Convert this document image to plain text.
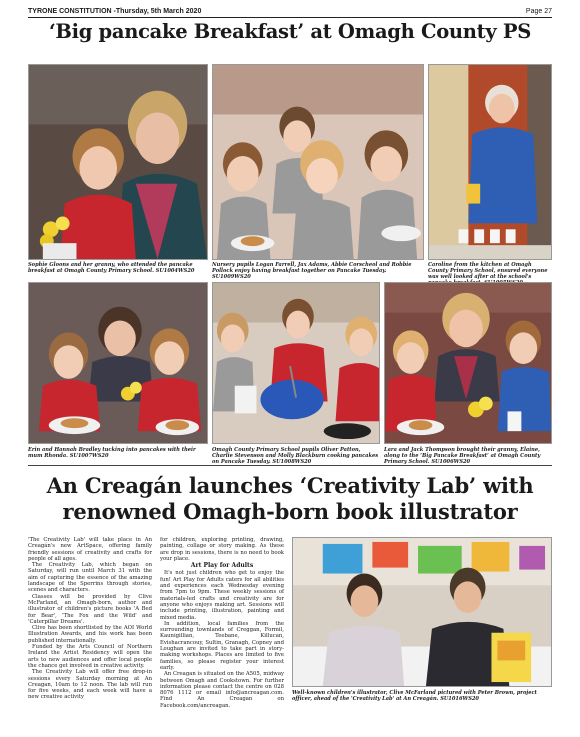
TYRONE CONSTITUTION -Thursday, 5th March 2020	Page 27
‘Big pancake Breakfast’ at Omagh County PS
Sophie Gloons and her granny, who attended the pancake breakfast at Omagh County Primary School. SU1004WS20
Nursery pupils Logan Farrell, Jax Adams, Abbie Corscheol and Robbie Pollock enjoy having breakfast together on Pancake Tuesday. SU1009WS20
Caroline from the kitchen at Omagh County Primary School, ensured everyone was well looked after at the school's
Erin and Hannah Bradley tucking into pancakes with their mum Rhonda. SU1007WS20
Omagh County Primary School pupils Oliver Patton, Charlie Stevenson and Molly Blackburn cooking pancakes on Pancake Tuesday. SU1008WS20
Lara and Jack Thompson brought their granny, Elaine, along to the ‘Big Pancake Breakfast’ at Omagh County Primary School. SU1006WS20
An Creagán launches ‘Creativity Lab’ with
renowned Omagh-born book illustrator

'The Creativity Lab' will take place in An Creagán's new ArtSpace, offering family friendly sessions of creativity and crafts for people of all ages.

The Creativity Lab, which began on Saturday, will run until March 31 with the aim of capturing the essence of the amazing landscape of the Sperrins through stories, scenes and characters.

Classes will be provided by Clive McFarland, an Omagh-born, author and illustrator of children's picture books 'A Bed for Bear', 'The Fox and the Wild' and 'Caterpillar Dreams'.

Clive has been shortlisted by the AOI World Illustration Awards, and his work has been published internationally.

Funded by the Arts Council of Northern Ireland the Artist Residency will open the arts to new audiences and offer local people the chance get involved in creative activity.

The Creativity Lab will offer free drop-in sessions every Saturday morning at An Creagan, 10am to 12 noon. The lab will run for five weeks, and each week will have a new creative activity

for children, exploring printing, drawing, painting, collage or story making. As these are drop in sessions, there is no need to book your place.

Art Play for Adults

It's not just children who get to enjoy the fun! Art Play for Adults caters for all abilities and experiences each Wednesday evening from 7pm to 9pm. These weekly sessions of materials-led crafts and creativity are for anyone who enjoys making art. Sessions will include printing, illustration, painting and mixed media.

In addition, local families from the surrounding townlands of Creggan, Formil, Kaunigillian, Teebane, Killucan, Evishacrancouy, Sultin, Granagh, Copney and Loughan are invited to take part in story-making workshops. Places are limited to five families, so please register your interest early.

An Creagan is situated on the A505, midway between Omagh and Cookstown. For further information please contact the centre on 028 8076 1112 or email info@ancreagan.com. Find An Creagan on Facebook.com/ancreagan.

Well-known children's illustrator, Clive McFarland pictured with Peter Brown, project officer, ahead of the 'Creativity Lab' at An Creagán. SU1016WS20
